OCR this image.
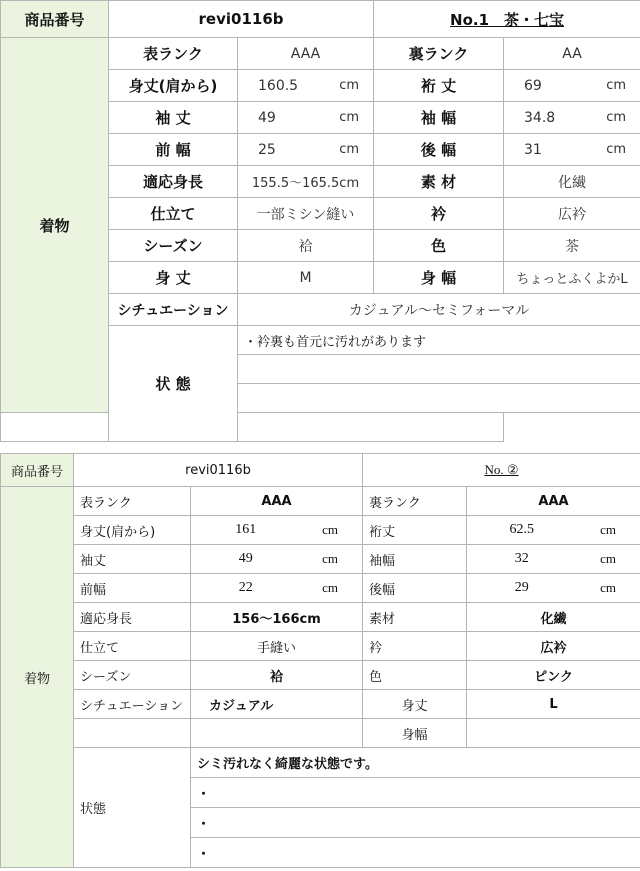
商品番号	revi0116b			No.1　茶・七宝		
着物	表ランク	AAA		裏ランク	AA	
	身丈(肩から)	160.5	cm	裄 丈	69	cm
	袖 丈	49	cm	袖 幅	34.8	cm
	前 幅	25	cm	後 幅	31	cm
	適応身長	155.5～165.5cm		素 材	化繊	
	仕立て	一部ミシン縫い		衿	広衿	
	シーズン	袷		色	茶	
	身 丈	M		身 幅	ちょっとふくよかL	
	シチュエーション	カジュアル～セミフォーマル				
	状 態	・衿裏も首元に汚れがあります				

商品番号	revi0116b			No. ②		
着物	表ランク	AAA		裏ランク	AAA	
	身丈(肩から)	161	cm	裄丈	62.5	cm
	袖丈	49	cm	袖幅	32	cm
	前幅	22	cm	後幅	29	cm
	適応身長	156～166cm		素材	化繊	
	仕立て	手縫い		衿	広衿	
	シーズン	袷		色	ピンク	
	シチュエーション	カジュアル		身丈	L	
				身幅		
	状態	シミ汚れなく綺麗な状態です。				
		・				
		・				
		・				
